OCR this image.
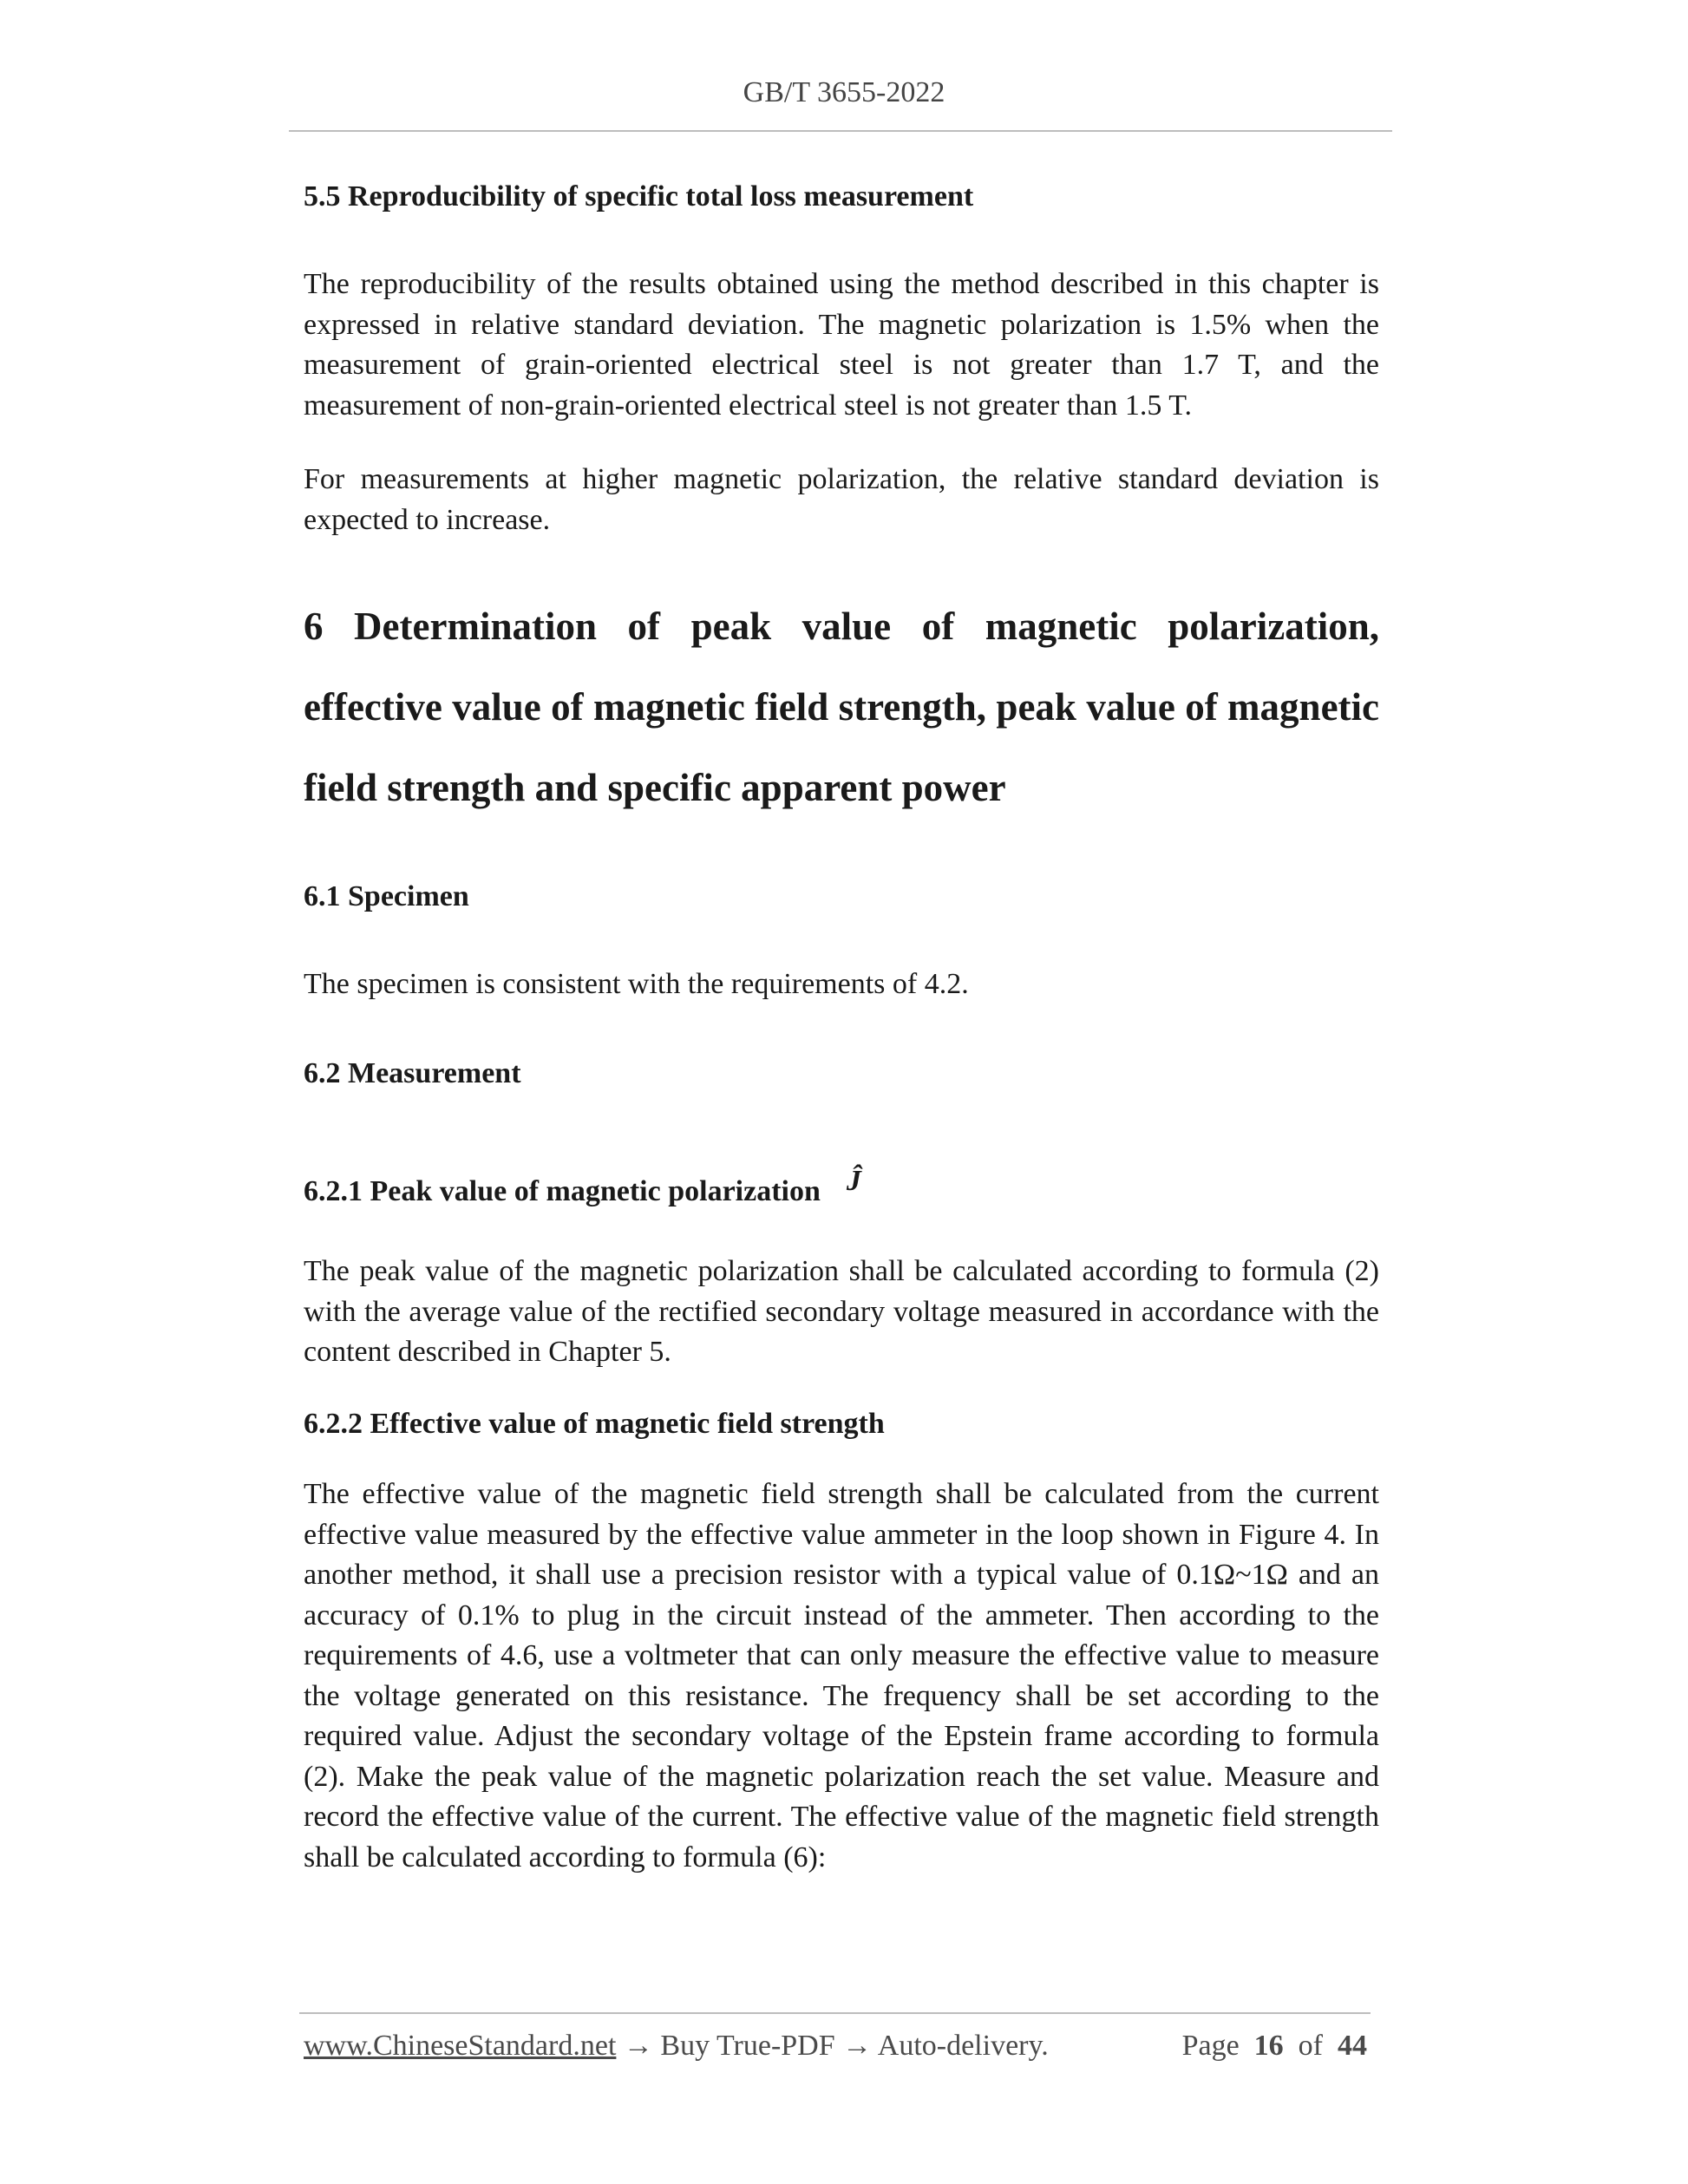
GB/T 3655-2022
5.5 Reproducibility of specific total loss measurement
The reproducibility of the results obtained using the method described in this chapter is expressed in relative standard deviation. The magnetic polarization is 1.5% when the measurement of grain-oriented electrical steel is not greater than 1.7 T, and the measurement of non-grain-oriented electrical steel is not greater than 1.5 T.
For measurements at higher magnetic polarization, the relative standard deviation is expected to increase.
6 Determination of peak value of magnetic polarization, effective value of magnetic field strength, peak value of magnetic field strength and specific apparent power
6.1 Specimen
The specimen is consistent with the requirements of 4.2.
6.2 Measurement
6.2.1 Peak value of magnetic polarization Ĵ
The peak value of the magnetic polarization shall be calculated according to formula (2) with the average value of the rectified secondary voltage measured in accordance with the content described in Chapter 5.
6.2.2 Effective value of magnetic field strength
The effective value of the magnetic field strength shall be calculated from the current effective value measured by the effective value ammeter in the loop shown in Figure 4. In another method, it shall use a precision resistor with a typical value of 0.1Ω~1Ω and an accuracy of 0.1% to plug in the circuit instead of the ammeter. Then according to the requirements of 4.6, use a voltmeter that can only measure the effective value to measure the voltage generated on this resistance. The frequency shall be set according to the required value. Adjust the secondary voltage of the Epstein frame according to formula (2). Make the peak value of the magnetic polarization reach the set value. Measure and record the effective value of the current. The effective value of the magnetic field strength shall be calculated according to formula (6):
www.ChineseStandard.net → Buy True-PDF → Auto-delivery.	Page 16 of 44
